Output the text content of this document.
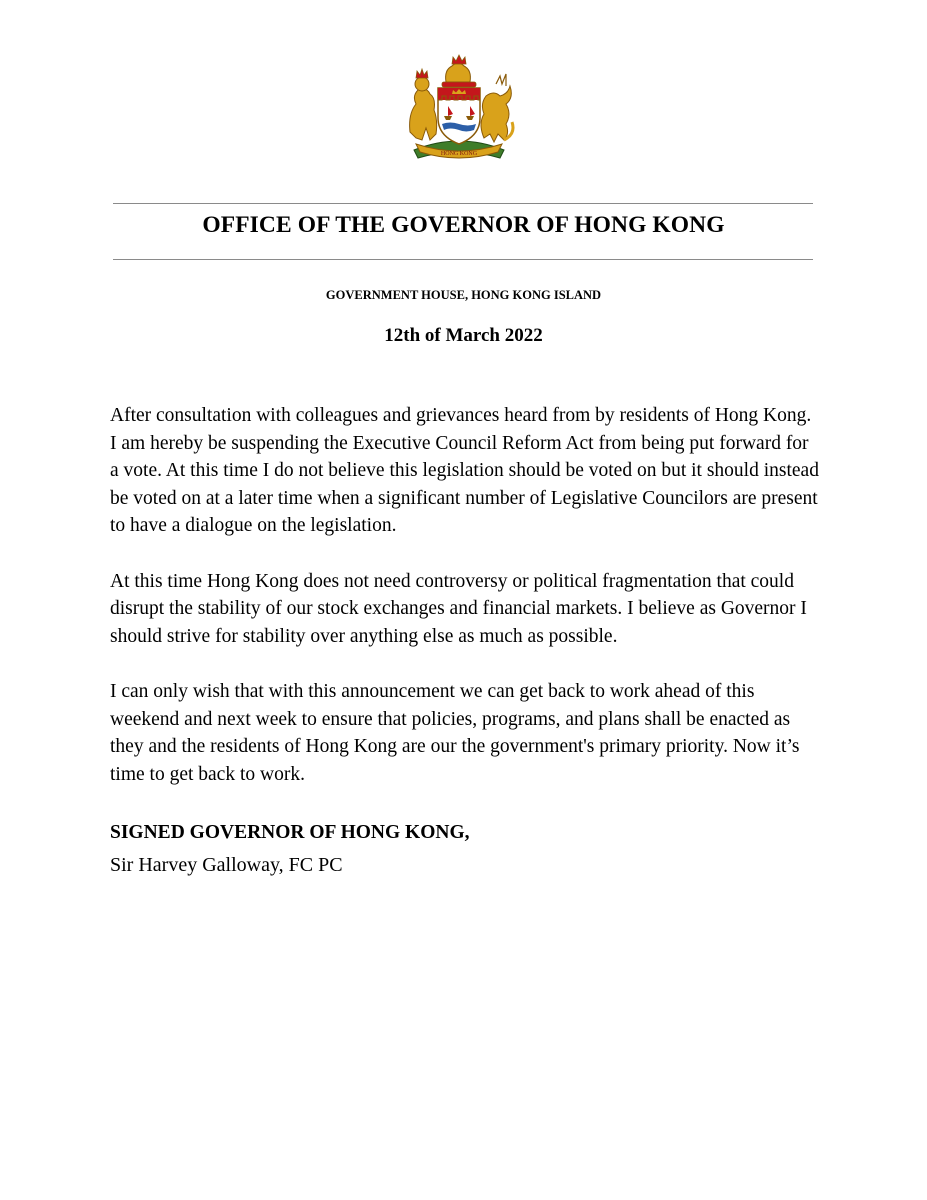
HONG KONG
OFFICE OF THE GOVERNOR OF HONG KONG
GOVERNMENT HOUSE, HONG KONG ISLAND
12th of March 2022

After consultation with colleagues and grievances heard from by residents of Hong Kong. I am hereby be suspending the Executive Council Reform Act from being put forward for a vote. At this time I do not believe this legislation should be voted on but it should instead be voted on at a later time when a significant number of Legislative Councilors are present to have a dialogue on the legislation.

At this time Hong Kong does not need controversy or political fragmentation that could disrupt the stability of our stock exchanges and financial markets. I believe as Governor I should strive for stability over anything else as much as possible.

I can only wish that with this announcement we can get back to work ahead of this weekend and next week to ensure that policies, programs, and plans shall be enacted as they and the residents of Hong Kong are our the government's primary priority. Now it’s time to get back to work.

SIGNED GOVERNOR OF HONG KONG,
Sir Harvey Galloway, FC PC
